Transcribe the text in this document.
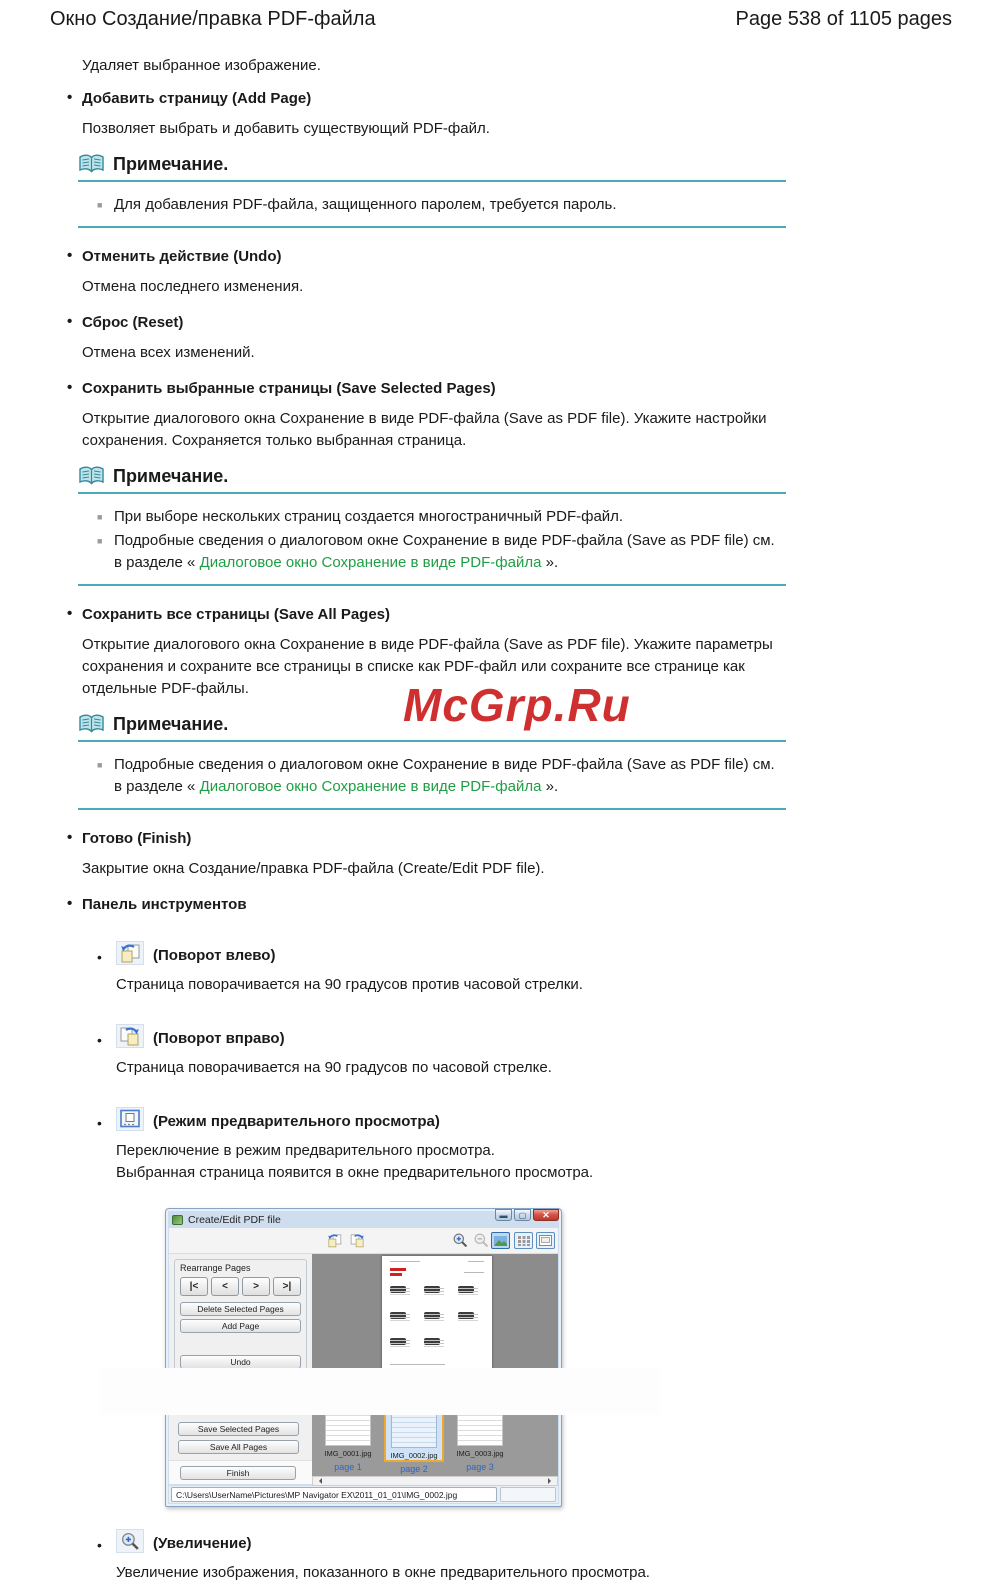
Окно Создание/правка PDF-файла	Page 538 of 1105 pages
McGrp.Ru

Удаляет выбранное изображение.

• Добавить страницу (Add Page)

Позволяет выбрать и добавить существующий PDF-файл.

Примечание.
■ Для добавления PDF-файла, защищенного паролем, требуется пароль.
• Отменить действие (Undo)

Отмена последнего изменения.

• Сброс (Reset)

Отмена всех изменений.

• Сохранить выбранные страницы (Save Selected Pages)

Открытие диалогового окна Сохранение в виде PDF-файла (Save as PDF file). Укажите настройки сохранения. Сохраняется только выбранная страница.

Примечание.
■ При выборе нескольких страниц создается многостраничный PDF-файл.
■ Подробные сведения о диалоговом окне Сохранение в виде PDF-файла (Save as PDF file) см. в разделе « Диалоговое окно Сохранение в виде PDF-файла ».
• Сохранить все страницы (Save All Pages)

Открытие диалогового окна Сохранение в виде PDF-файла (Save as PDF file). Укажите параметры сохранения и сохраните все страницы в списке как PDF-файл или сохраните все странице как отдельные PDF-файлы.

Примечание.
■ Подробные сведения о диалоговом окне Сохранение в виде PDF-файла (Save as PDF file) см. в разделе « Диалоговое окно Сохранение в виде PDF-файла ».
• Готово (Finish)

Закрытие окна Создание/правка PDF-файла (Create/Edit PDF file).

• Панель инструментов
•	(Поворот влево)

Страница поворачивается на 90 градусов против часовой стрелки.

•	(Поворот вправо)

Страница поворачивается на 90 градусов по часовой стрелке.

•	(Режим предварительного просмотра)

Переключение в режим предварительного просмотра.

Выбранная страница появится в окне предварительного просмотра.

Create/Edit PDF file	▬	▢	✕
Rearrange Pages
|<	<	>	>|
Delete Selected Pages
Add Page
Undo
Save Selected Pages
Save All Pages
Finish
IMG_0001.jpg
page 1
IMG_0002.jpg
page 2
IMG_0003.jpg
page 3
C:\Users\UserName\Pictures\MP Navigator EX\2011_01_01\IMG_0002.jpg
•	(Увеличение)

Увеличение изображения, показанного в окне предварительного просмотра.
